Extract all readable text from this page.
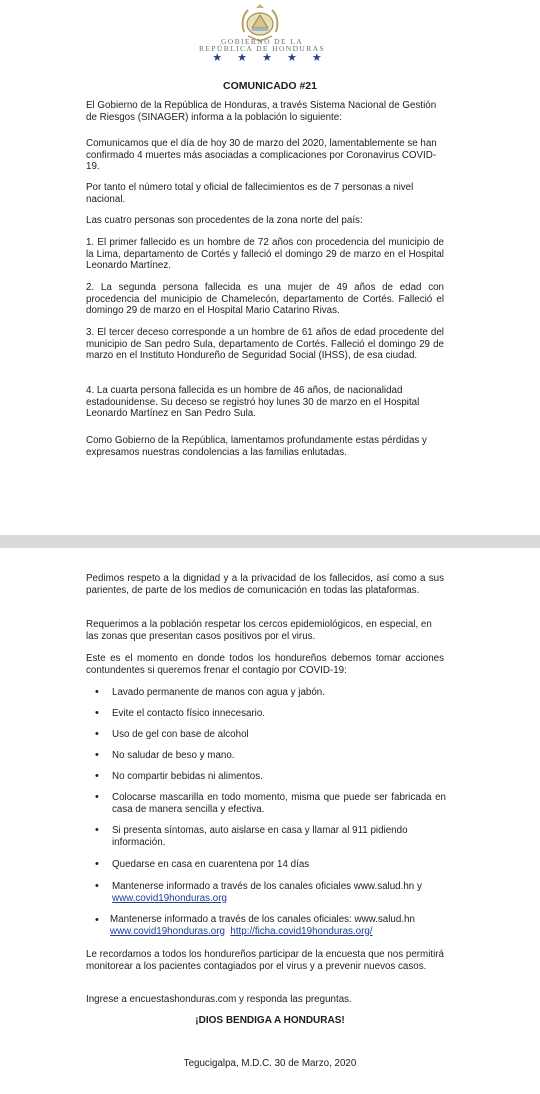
GOBIERNO DE LA
REPÚBLICA DE HONDURAS
★ ★ ★ ★ ★
COMUNICADO #21

El Gobierno de la República de Honduras, a través Sistema Nacional de Gestión de Riesgos (SINAGER) informa a la población lo siguiente:

Comunicamos que el día de hoy 30 de marzo del 2020, lamentablemente se han confirmado 4 muertes más asociadas a complicaciones por Coronavirus COVID-19.

Por tanto el número total y oficial de fallecimientos es de 7 personas a nivel nacional.

Las cuatro personas son procedentes de la zona norte del país:

1. El primer fallecido es un hombre de 72 años con procedencia del municipio de la Lima, departamento de Cortés y falleció el domingo 29 de marzo en el Hospital Leonardo Martínez.

2. La segunda persona fallecida es una mujer de 49 años de edad con procedencia del municipio de Chamelecón, departamento de Cortés. Falleció el domingo 29 de marzo en el Hospital Mario Catarino Rivas.

3. El tercer deceso corresponde a un hombre de 61 años de edad procedente del municipio de San pedro Sula, departamento de Cortés. Falleció el domingo 29 de marzo en el Instituto Hondureño de Seguridad Social (IHSS), de esa ciudad.

4. La cuarta persona fallecida es un hombre de 46 años, de nacionalidad estadounidense. Su deceso se registró hoy lunes 30 de marzo en el Hospital Leonardo Martínez en San Pedro Sula.

Como Gobierno de la República, lamentamos profundamente estas pérdidas y expresamos nuestras condolencias a las familias enlutadas.

Pedimos respeto a la dignidad y a la privacidad de los fallecidos, así como a sus parientes, de parte de los medios de comunicación en todas las plataformas.

Requerimos a la población respetar los cercos epidemiológicos, en especial, en las zonas que presentan casos positivos por el virus.

Este es el momento en donde todos los hondureños debemos tomar acciones contundentes si queremos frenar el contagio por COVID-19:

• Lavado permanente de manos con agua y jabón.
• Evite el contacto físico innecesario.
• Uso de gel con base de alcohol
• No saludar de beso y mano.
• No compartir bebidas ni alimentos.
• Colocarse mascarilla en todo momento, misma que puede ser fabricada en casa de manera sencilla y efectiva.
• Si presenta síntomas, auto aislarse en casa y llamar al 911 pidiendo información.
• Quedarse en casa en cuarentena por 14 días
• Mantenerse informado a través de los canales oficiales www.salud.hn y www.covid19honduras.org
• Mantenerse informado a través de los canales oficiales: www.salud.hn www.covid19honduras.org http://ficha.covid19honduras.org/

Le recordamos a todos los hondureños participar de la encuesta que nos permitirá monitorear a los pacientes contagiados por el virus y a prevenir nuevos casos.

Ingrese a encuestashonduras.com y responda las preguntas.

¡DIOS BENDIGA A HONDURAS!
Tegucigalpa, M.D.C. 30 de Marzo, 2020
